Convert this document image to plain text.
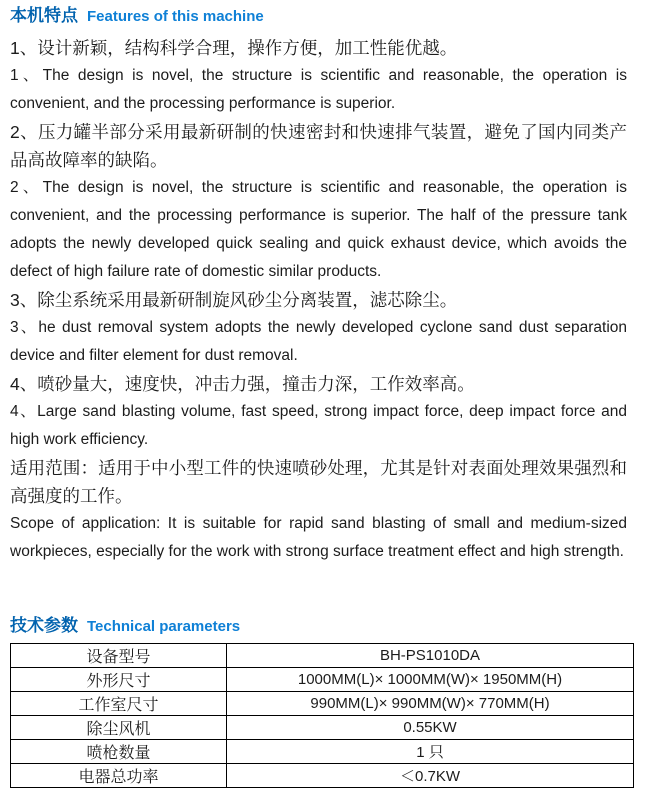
本机特点 Features of this machine

1、设计新颖，结构科学合理，操作方便，加工性能优越。

1、The design is novel, the structure is scientific and reasonable, the operation is convenient, and the processing performance is superior.

2、压力罐半部分采用最新研制的快速密封和快速排气装置，避免了国内同类产品高故障率的缺陷。

2、The design is novel, the structure is scientific and reasonable, the operation is convenient, and the processing performance is superior. The half of the pressure tank adopts the newly developed quick sealing and quick exhaust device, which avoids the defect of high failure rate of domestic similar products.

3、除尘系统采用最新研制旋风砂尘分离装置，滤芯除尘。

3、he dust removal system adopts the newly developed cyclone sand dust separation device and filter element for dust removal.

4、喷砂量大，速度快，冲击力强，撞击力深，工作效率高。

4、Large sand blasting volume, fast speed, strong impact force, deep impact force and high work efficiency.

适用范围：适用于中小型工件的快速喷砂处理，尤其是针对表面处理效果强烈和高强度的工作。

Scope of application: It is suitable for rapid sand blasting of small and medium-sized workpieces, especially for the work with strong surface treatment effect and high strength.

技术参数 Technical parameters
设备型号	BH-PS1010DA
外形尺寸	1000MM(L)× 1000MM(W)× 1950MM(H)
工作室尺寸	990MM(L)× 990MM(W)× 770MM(H)
除尘风机	0.55KW
喷枪数量	1 只
电器总功率	＜0.7KW
